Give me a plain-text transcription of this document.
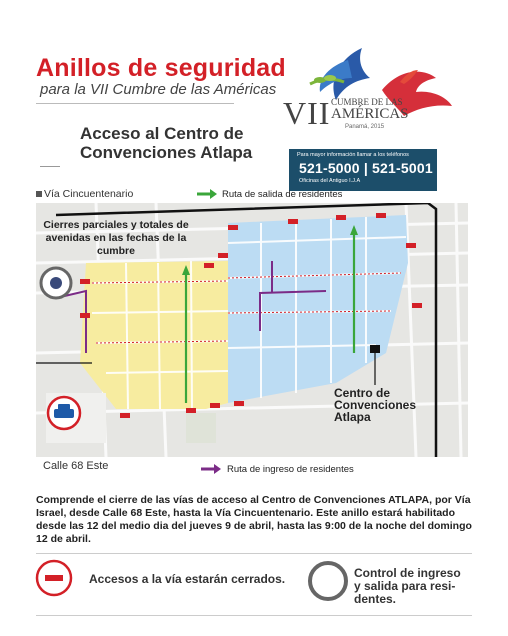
Anillos de seguridad
para la VII Cumbre de las Américas
VII CUMBRE DE LAS
AMÉRICAS
Panamá, 2015
Acceso al Centro de
Convenciones Atlapa	Para mayor información llamar a los teléfonos
521-5000 | 521-5001
Oficinas del Antiguo I.J.A
Vía Cincuentenario	Ruta de salida de residentes
Cierres parciales y totales de avenidas en las fechas de la cumbre
Centro de
Convenciones
Atlapa
Calle 68 Este	Ruta de ingreso de residentes
Comprende el cierre de las vías de acceso al Centro de Convenciones ATLAPA, por Vía Israel, desde Calle 68 Este, hasta la Vía Cincuentenario. Este anillo estará habilitado desde las 12 del medio dia del jueves 9 de abril, hasta las 9:00 de la noche del domingo 12 de abril.
Accesos a la vía estarán cerrados.	Control de ingreso
y salida para resi-
dentes.
